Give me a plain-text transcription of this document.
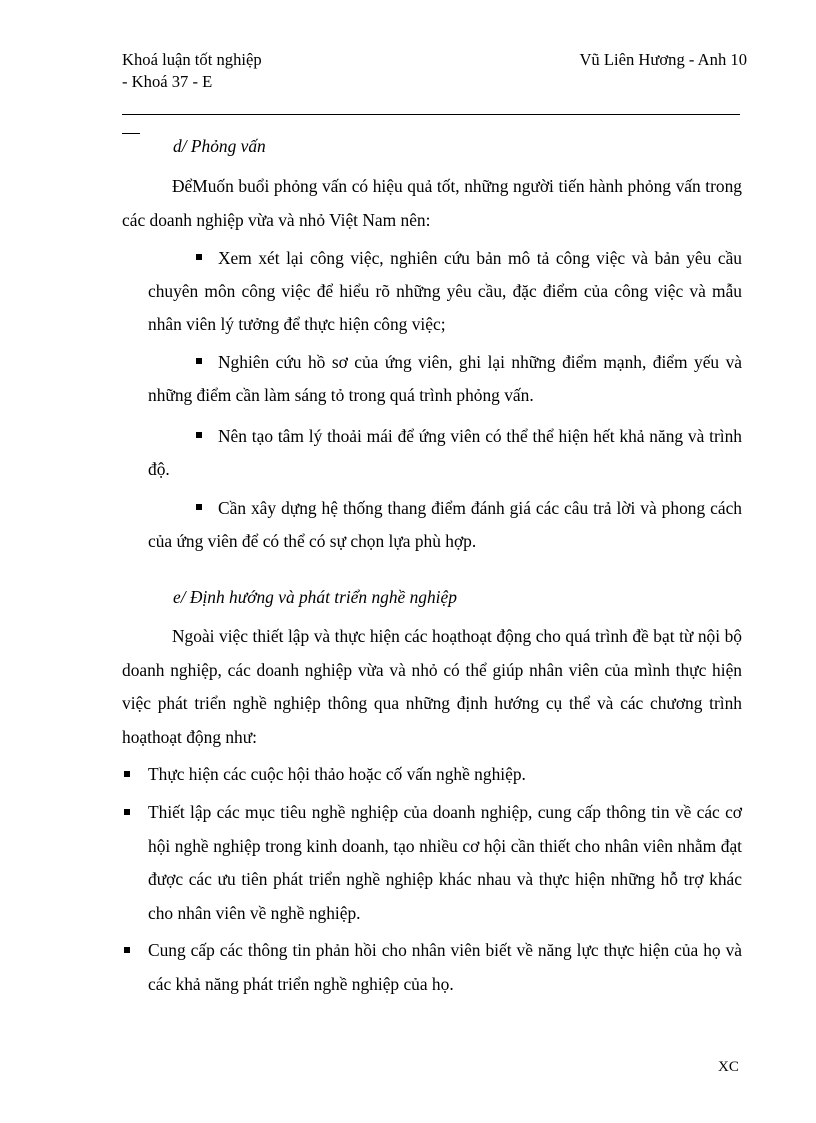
Khoá luận tốt nghiệp
- Khoá 37 - E
Vũ Liên Hương - Anh 10
d/ Phỏng vấn

ĐểMuốn buổi phỏng vấn có hiệu quả tốt, những người tiến hành phỏng vấn trong các doanh nghiệp vừa và nhỏ Việt Nam nên:

Xem xét lại công việc, nghiên cứu bản mô tả công việc và bản yêu cầu chuyên môn công việc để hiểu rõ những yêu cầu, đặc điểm của công việc và mẫu nhân viên lý tưởng để thực hiện công việc;

Nghiên cứu hồ sơ của ứng viên, ghi lại những điểm mạnh, điểm yếu và những điểm cần làm sáng tỏ trong quá trình phỏng vấn.

Nên tạo tâm lý thoải mái để ứng viên có thể thể hiện hết khả năng và trình độ.

Cần xây dựng hệ thống thang điểm đánh giá các câu trả lời và phong cách của ứng viên để có thể có sự chọn lựa phù hợp.

e/ Định hướng và phát triển nghề nghiệp

Ngoài việc thiết lập và thực hiện các hoạthoạt động cho quá trình đề bạt từ nội bộ doanh nghiệp, các doanh nghiệp vừa và nhỏ có thể giúp nhân viên của mình thực hiện việc phát triển nghề nghiệp thông qua những định hướng cụ thể và các chương trình hoạthoạt động như:

Thực hiện các cuộc hội thảo hoặc cố vấn nghề nghiệp.
Thiết lập các mục tiêu nghề nghiệp của doanh nghiệp, cung cấp thông tin về các cơ hội nghề nghiệp trong kinh doanh, tạo nhiều cơ hội cần thiết cho nhân viên nhằm đạt được các ưu tiên phát triển nghề nghiệp khác nhau và thực hiện những hỗ trợ khác cho nhân viên về nghề nghiệp.
Cung cấp các thông tin phản hồi cho nhân viên biết về năng lực thực hiện của họ và các khả năng phát triển nghề nghiệp của họ.
XC
